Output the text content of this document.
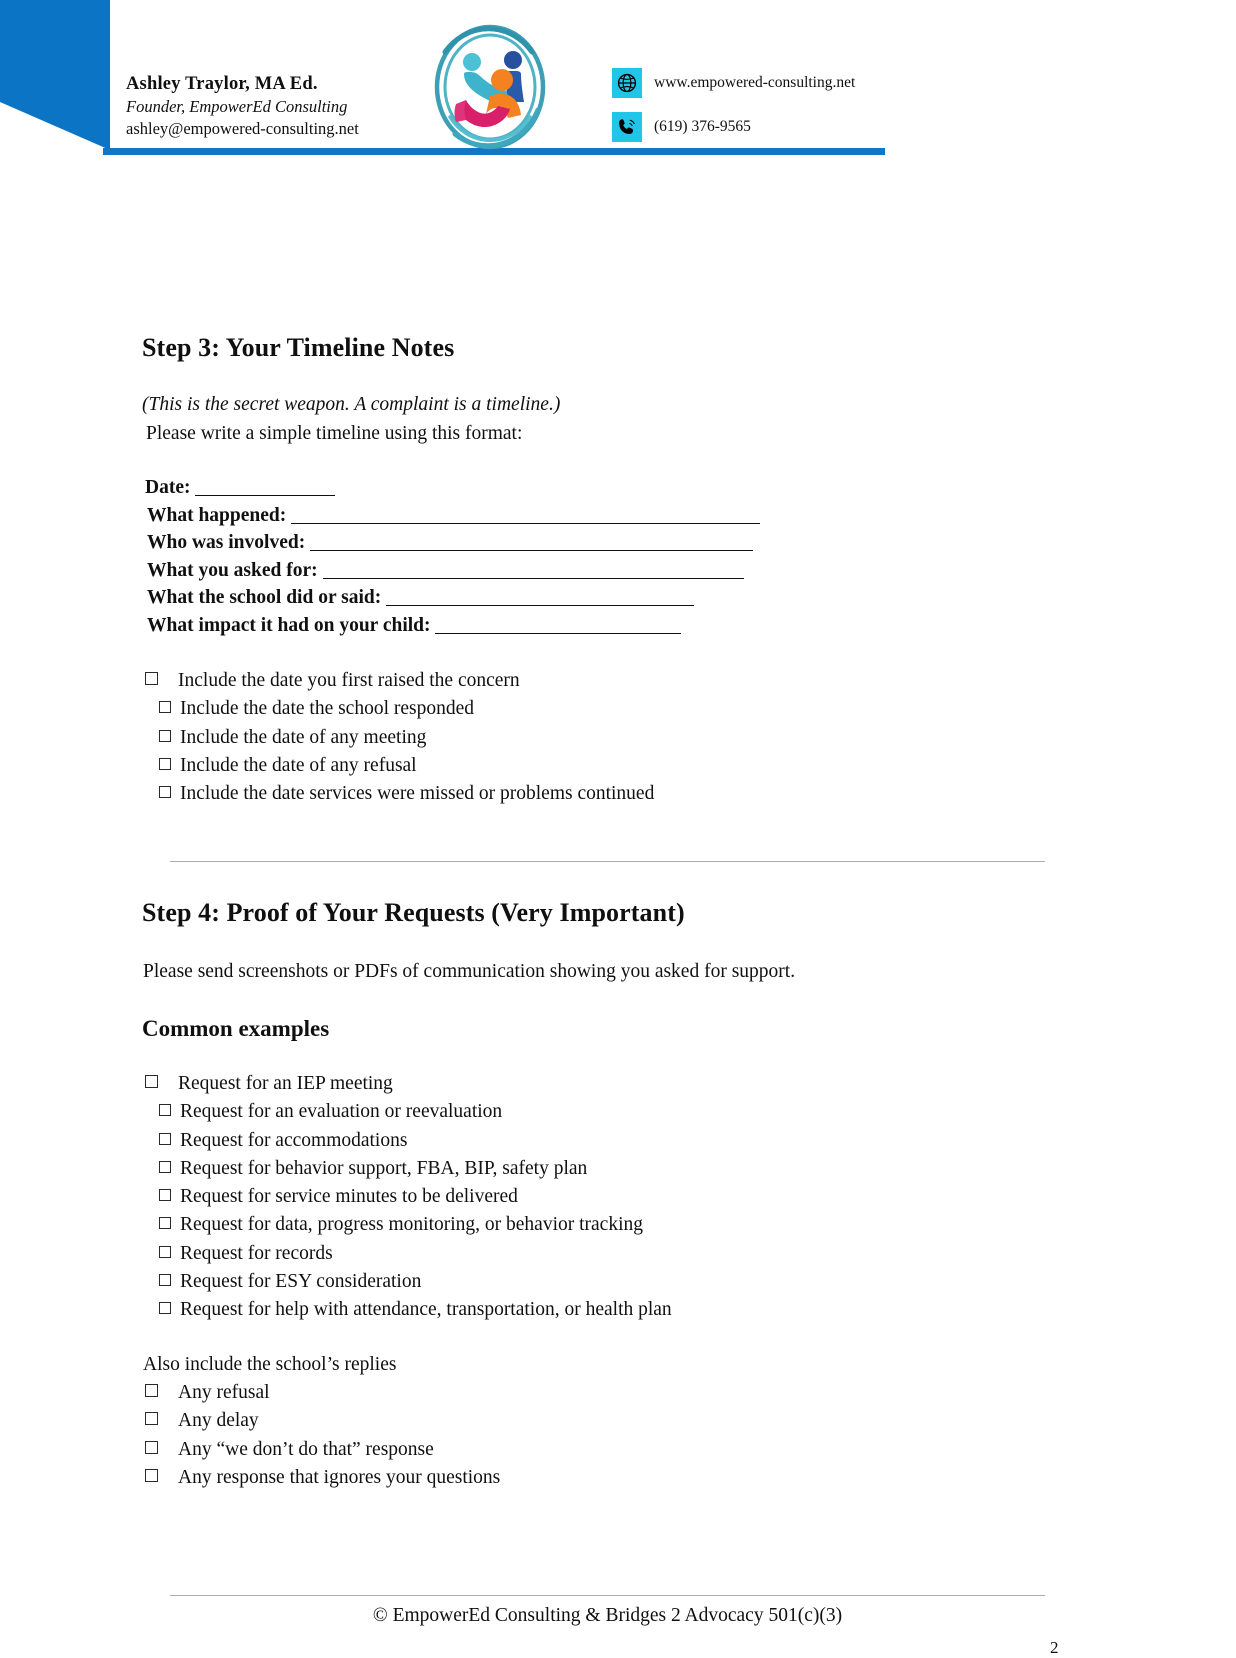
Ashley Traylor, MA Ed.
Founder, EmpowerEd Consulting
ashley@empowered-consulting.net
www.empowered-consulting.net
(619) 376-9565
Step 3: Your Timeline Notes
(This is the secret weapon. A complaint is a timeline.)
Please write a simple timeline using this format:
Date:
What happened:
Who was involved:
What you asked for:
What the school did or said:
What impact it had on your child:
Include the date you first raised the concern
Include the date the school responded
Include the date of any meeting
Include the date of any refusal
Include the date services were missed or problems continued
Step 4: Proof of Your Requests (Very Important)
Please send screenshots or PDFs of communication showing you asked for support.
Common examples
Request for an IEP meeting
Request for an evaluation or reevaluation
Request for accommodations
Request for behavior support, FBA, BIP, safety plan
Request for service minutes to be delivered
Request for data, progress monitoring, or behavior tracking
Request for records
Request for ESY consideration
Request for help with attendance, transportation, or health plan
Also include the school’s replies
Any refusal
Any delay
Any “we don’t do that” response
Any response that ignores your questions
© EmpowerEd Consulting & Bridges 2 Advocacy 501(c)(3)
2
